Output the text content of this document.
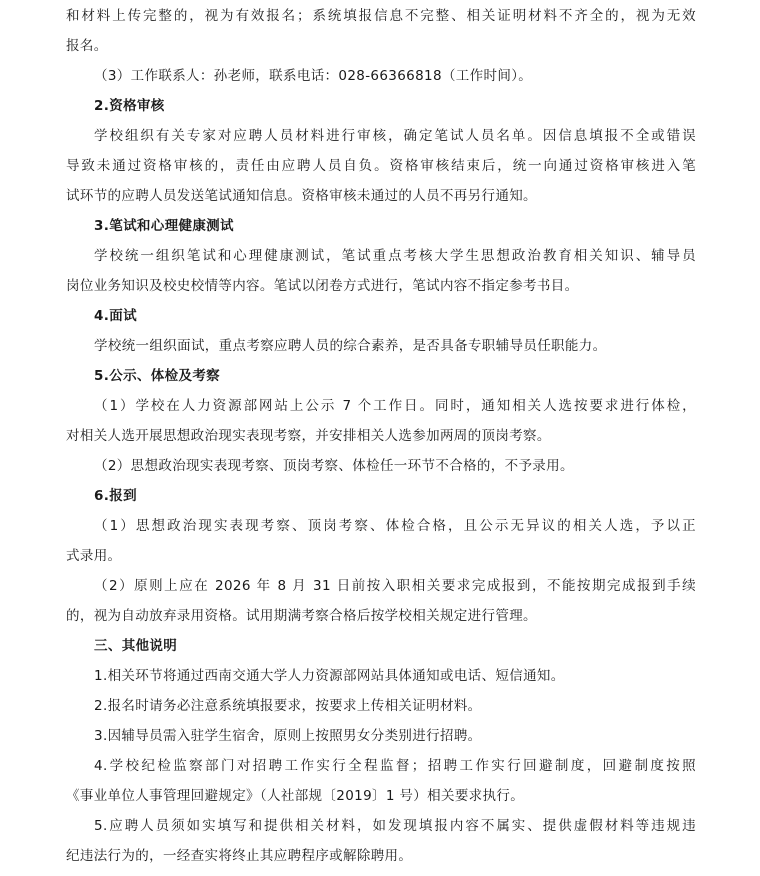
和材料上传完整的，视为有效报名；系统填报信息不完整、相关证明材料不齐全的，视为无效
报名。
（3）工作联系人：孙老师，联系电话：028-66366818（工作时间）。
2.资格审核
学校组织有关专家对应聘人员材料进行审核，确定笔试人员名单。因信息填报不全或错误
导致未通过资格审核的，责任由应聘人员自负。资格审核结束后，统一向通过资格审核进入笔
试环节的应聘人员发送笔试通知信息。资格审核未通过的人员不再另行通知。
3.笔试和心理健康测试
学校统一组织笔试和心理健康测试，笔试重点考核大学生思想政治教育相关知识、辅导员
岗位业务知识及校史校情等内容。笔试以闭卷方式进行，笔试内容不指定参考书目。
4.面试
学校统一组织面试，重点考察应聘人员的综合素养，是否具备专职辅导员任职能力。
5.公示、体检及考察
（1）学校在人力资源部网站上公示 7 个工作日。同时，通知相关人选按要求进行体检，
对相关人选开展思想政治现实表现考察，并安排相关人选参加两周的顶岗考察。
（2）思想政治现实表现考察、顶岗考察、体检任一环节不合格的，不予录用。
6.报到
（1）思想政治现实表现考察、顶岗考察、体检合格，且公示无异议的相关人选，予以正
式录用。
（2）原则上应在 2026 年 8 月 31 日前按入职相关要求完成报到，不能按期完成报到手续
的，视为自动放弃录用资格。试用期满考察合格后按学校相关规定进行管理。
三、其他说明
1.相关环节将通过西南交通大学人力资源部网站具体通知或电话、短信通知。
2.报名时请务必注意系统填报要求，按要求上传相关证明材料。
3.因辅导员需入驻学生宿舍，原则上按照男女分类别进行招聘。
4.学校纪检监察部门对招聘工作实行全程监督；招聘工作实行回避制度，回避制度按照
《事业单位人事管理回避规定》（人社部规〔2019〕1 号）相关要求执行。
5.应聘人员须如实填写和提供相关材料，如发现填报内容不属实、提供虚假材料等违规违
纪违法行为的，一经查实将终止其应聘程序或解除聘用。
